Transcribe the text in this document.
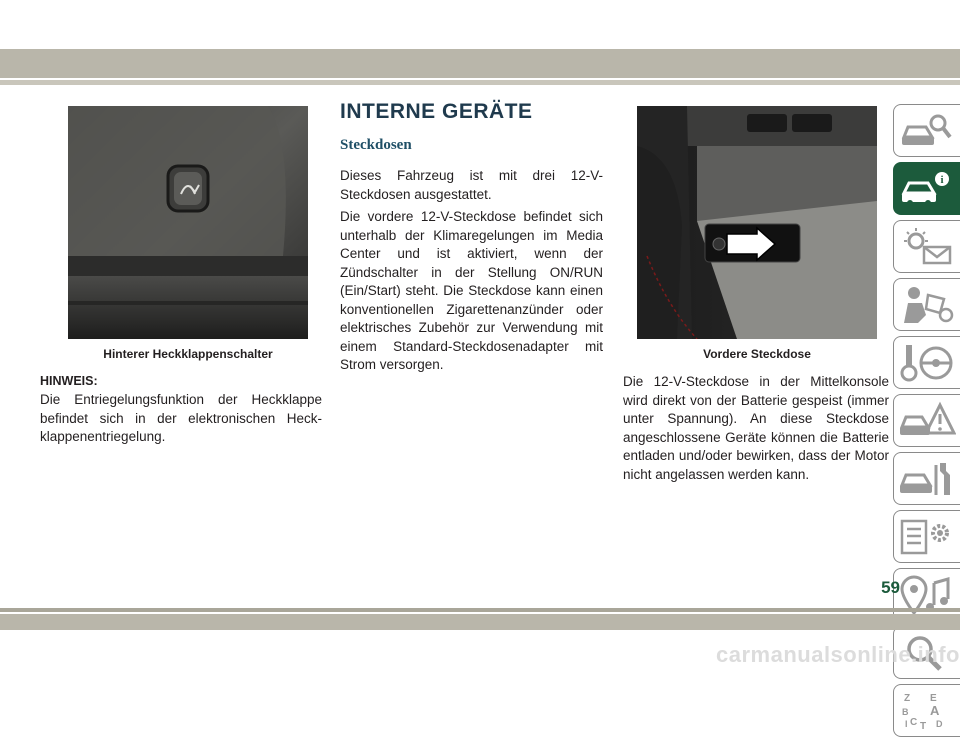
Hinterer Heckklappenschalter
HINWEIS:
Die Entriegelungsfunktion der Heckklappe befindet sich in der elektronischen Heckklappenentriegelung.
INTERNE GERÄTE
Steckdosen
Dieses Fahrzeug ist mit drei 12-V-Steckdosen ausgestattet.
Die vordere 12-V-Steckdose befindet sich unterhalb der Klimaregelungen im Media Center und ist aktiviert, wenn der Zündschalter in der Stellung ON/RUN (Ein/Start) steht. Die Steckdose kann einen konventionellen Zigarettenanzünder oder elektrisches Zubehör zur Verwendung mit einem Standard-Steckdosenadapter mit Strom versorgen.
Vordere Steckdose
Die 12-V-Steckdose in der Mittelkonsole wird direkt von der Batterie gespeist (immer unter Spannung). An diese Steckdose angeschlossene Geräte können die Batterie entladen und/oder bewirken, dass der Motor nicht angelassen werden kann.
i
Z E
B A
C T D
I
59
carmanualsonline.info
